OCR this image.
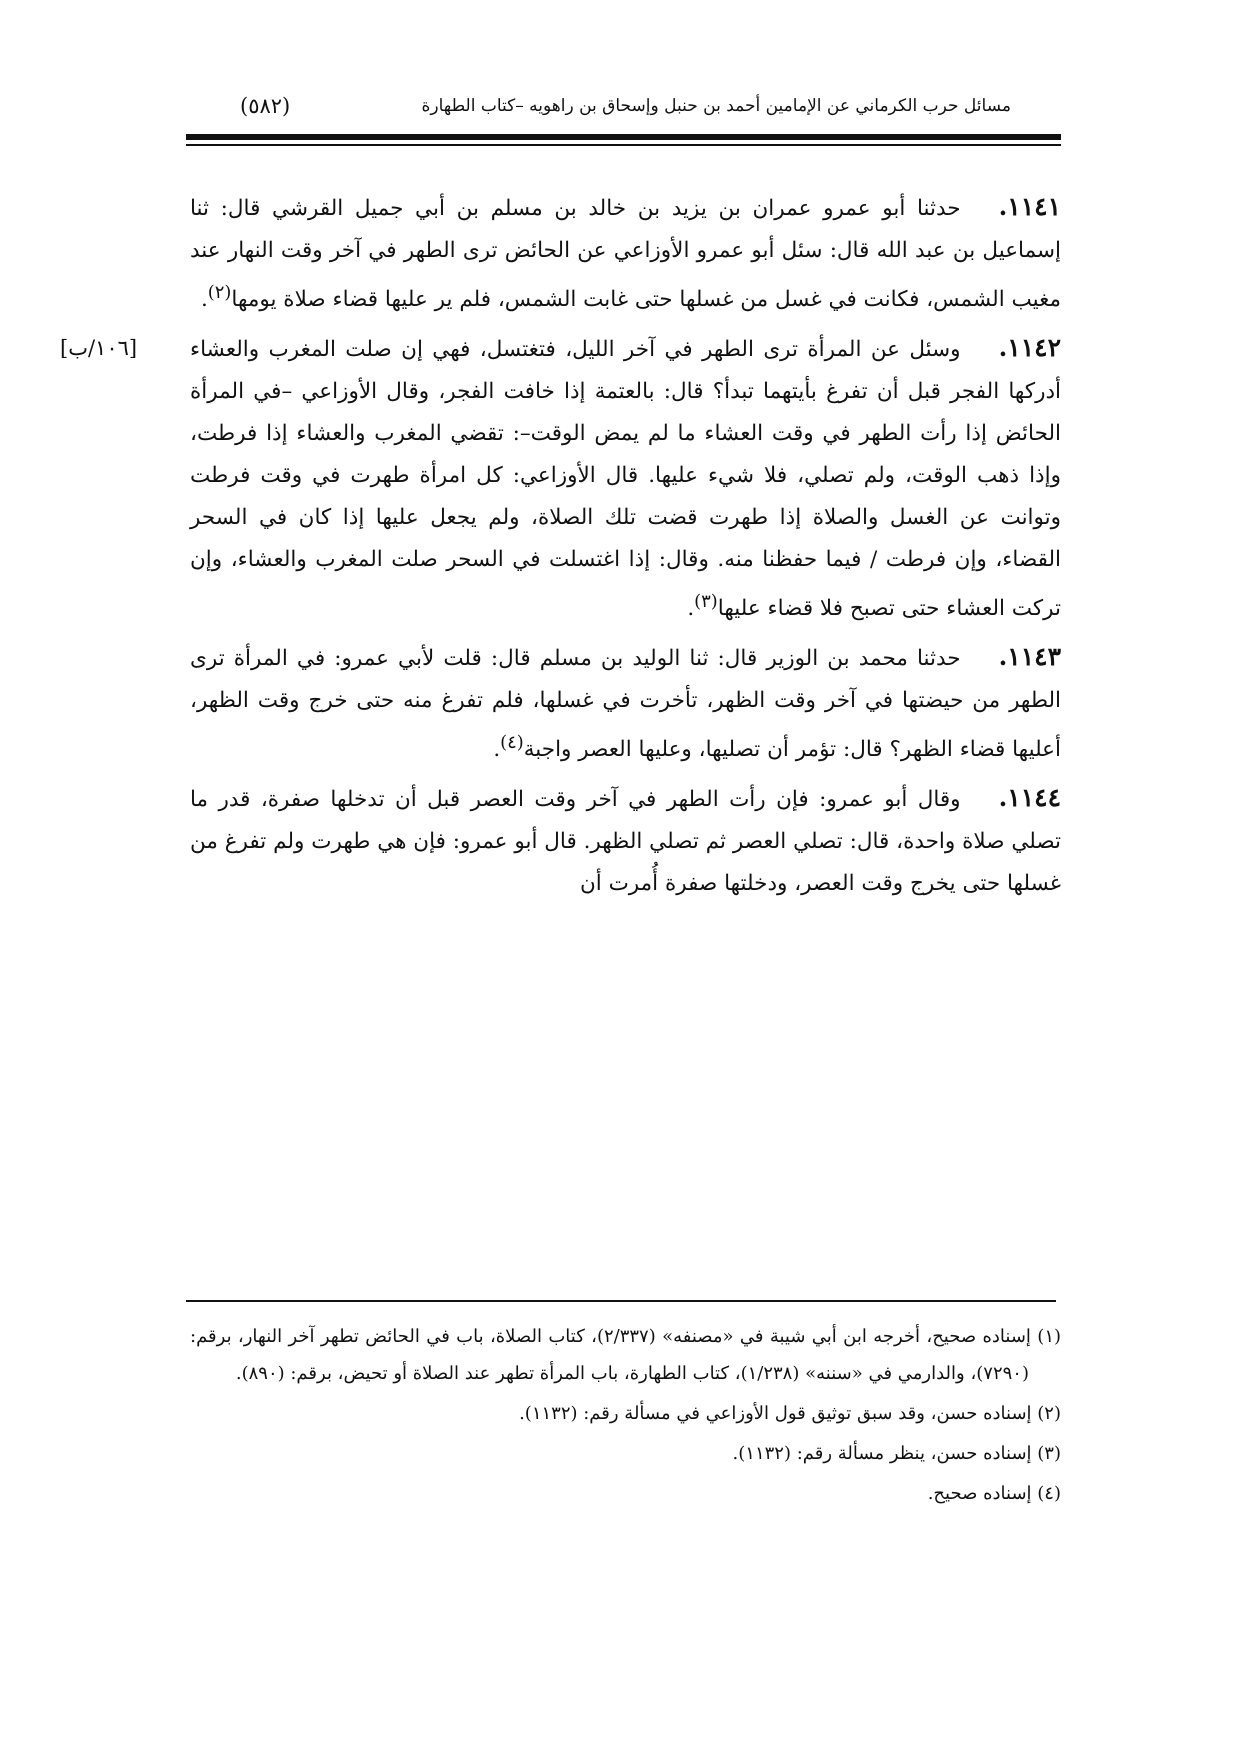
مسائل حرب الكرماني عن الإمامين أحمد بن حنبل وإسحاق بن راهويه –كتاب الطهارة
(٥٨٢)
١١٤١.حدثنا أبو عمرو عمران بن يزيد بن خالد بن مسلم بن أبي جميل القرشي قال: ثنا إسماعيل بن عبد الله قال: سئل أبو عمرو الأوزاعي عن الحائض ترى الطهر في آخر وقت النهار عند مغيب الشمس، فكانت في غسل من غسلها حتى غابت الشمس، فلم ير عليها قضاء صلاة يومها$^{(٢)}$.
[١٠٦/ب]	١١٤٢.وسئل عن المرأة ترى الطهر في آخر الليل، فتغتسل، فهي إن صلت المغرب والعشاء أدركها الفجر قبل أن تفرغ بأيتهما تبدأ؟ قال: بالعتمة إذا خافت الفجر، وقال الأوزاعي –في المرأة الحائض إذا رأت الطهر في وقت العشاء ما لم يمض الوقت–: تقضي المغرب والعشاء إذا فرطت، وإذا ذهب الوقت، ولم تصلي، فلا شيء عليها. قال الأوزاعي: كل امرأة طهرت في وقت فرطت وتوانت عن الغسل والصلاة إذا طهرت قضت تلك الصلاة، ولم يجعل عليها إذا كان في السحر القضاء، وإن فرطت / فيما حفظنا منه. وقال: إذا اغتسلت في السحر صلت المغرب والعشاء، وإن تركت العشاء حتى تصبح فلا قضاء عليها$^{(٣)}$.
١١٤٣.حدثنا محمد بن الوزير قال: ثنا الوليد بن مسلم قال: قلت لأبي عمرو: في المرأة ترى الطهر من حيضتها في آخر وقت الظهر، تأخرت في غسلها، فلم تفرغ منه حتى خرج وقت الظهر، أعليها قضاء الظهر؟ قال: تؤمر أن تصليها، وعليها العصر واجبة$^{(٤)}$.
١١٤٤.وقال أبو عمرو: فإن رأت الطهر في آخر وقت العصر قبل أن تدخلها صفرة، قدر ما تصلي صلاة واحدة، قال: تصلي العصر ثم تصلي الظهر. قال أبو عمرو: فإن هي طهرت ولم تفرغ من غسلها حتى يخرج وقت العصر، ودخلتها صفرة أُمرت أن
(١) إسناده صحيح، أخرجه ابن أبي شيبة في «مصنفه» (٢/٣٣٧)، كتاب الصلاة، باب في الحائض تطهر آخر النهار، برقم: (٧٢٩٠)، والدارمي في «سننه» (١/٢٣٨)، كتاب الطهارة، باب المرأة تطهر عند الصلاة أو تحيض، برقم: (٨٩٠).
(٢) إسناده حسن، وقد سبق توثيق قول الأوزاعي في مسألة رقم: (١١٣٢).
(٣) إسناده حسن، ينظر مسألة رقم: (١١٣٢).
(٤) إسناده صحيح.
